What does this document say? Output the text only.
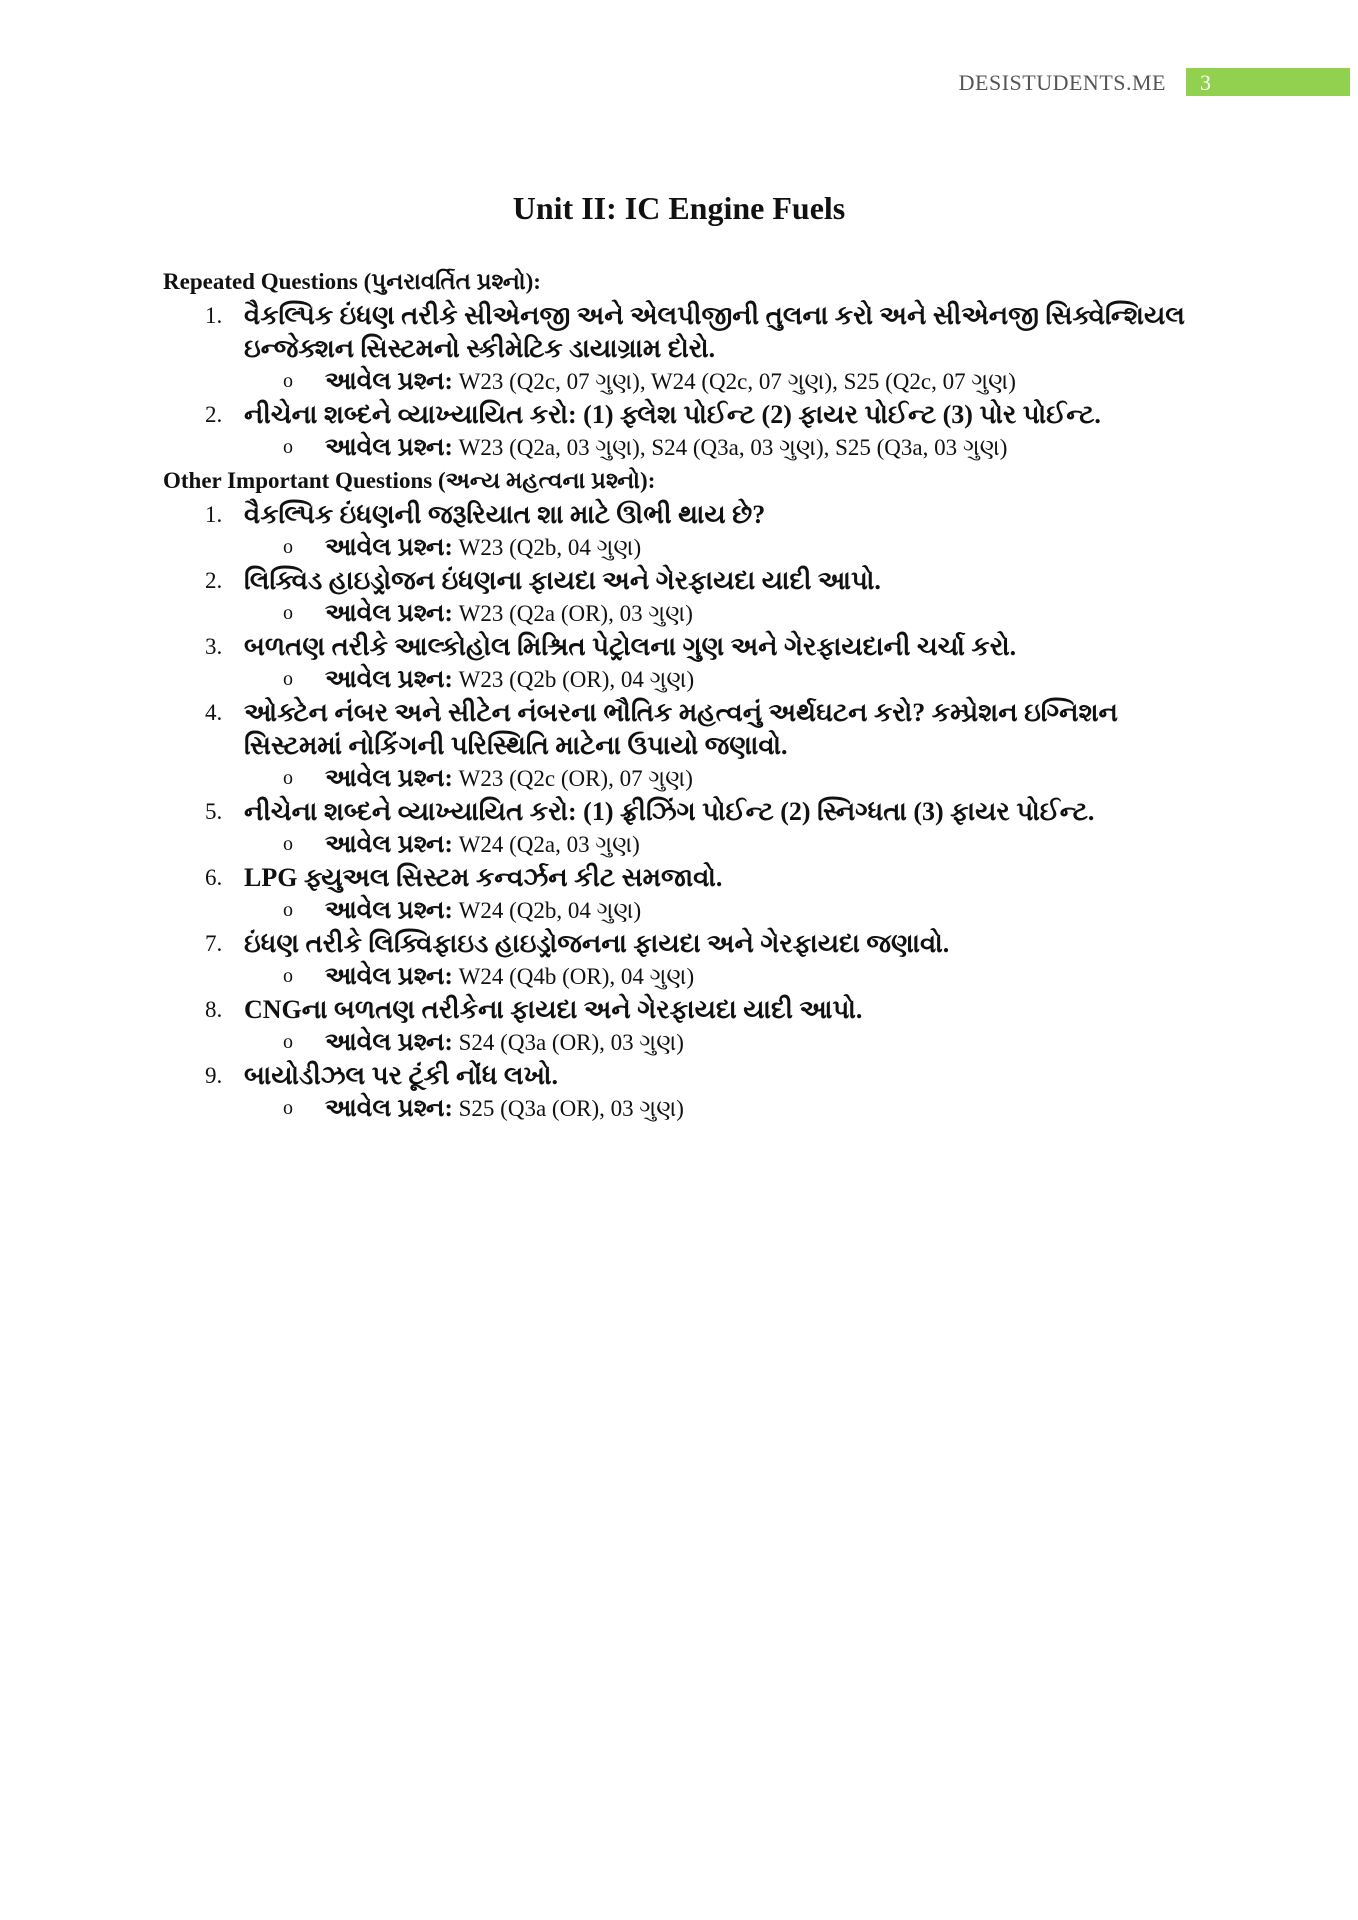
DESISTUDENTS.ME 3
Unit II: IC Engine Fuels
Repeated Questions (પુનરાવર્તિત પ્રશ્નો):
1. વૈકલ્પિક ઇંધણ તરીકે સીએનજી અને એલપીજીની તુલના કરો અને સીએનજી સિક્વેન્શિયલ
ઇન્જેક્શન સિસ્ટમનો સ્કીમેટિક ડાયાગ્રામ દોરો.
o આવેલ પ્રશ્ન: W23 (Q2c, 07 ગુણ), W24 (Q2c, 07 ગુણ), S25 (Q2c, 07 ગુણ)
2. નીચેના શબ્દને વ્યાખ્યાયિત કરો: (1) ફ્લેશ પોઈન્ટ (2) ફાયર પોઈન્ટ (3) પોર પોઈન્ટ.
o આવેલ પ્રશ્ન: W23 (Q2a, 03 ગુણ), S24 (Q3a, 03 ગુણ), S25 (Q3a, 03 ગુણ)
Other Important Questions (અન્ય મહત્વના પ્રશ્નો):
1. વૈકલ્પિક ઇંધણની જરૂરિયાત શા માટે ઊભી થાય છે?
o આવેલ પ્રશ્ન: W23 (Q2b, 04 ગુણ)
2. લિક્વિડ હાઇડ્રોજન ઇંધણના ફાયદા અને ગેરફાયદા યાદી આપો.
o આવેલ પ્રશ્ન: W23 (Q2a (OR), 03 ગુણ)
3. બળતણ તરીકે આલ્કોહોલ મિશ્રિત પેટ્રોલના ગુણ અને ગેરફાયદાની ચર્ચા કરો.
o આવેલ પ્રશ્ન: W23 (Q2b (OR), 04 ગુણ)
4. ઓક્ટેન નંબર અને સીટેન નંબરના ભૌતિક મહત્વનું અર્થઘટન કરો? કમ્પ્રેશન ઇગ્નિશન
સિસ્ટમમાં નોકિંગની પરિસ્થિતિ માટેના ઉપાયો જણાવો.
o આવેલ પ્રશ્ન: W23 (Q2c (OR), 07 ગુણ)
5. નીચેના શબ્દને વ્યાખ્યાયિત કરો: (1) ફ્રીઝિંગ પોઈન્ટ (2) સ્નિગ્ધતા (3) ફાયર પોઈન્ટ.
o આવેલ પ્રશ્ન: W24 (Q2a, 03 ગુણ)
6. LPG ફ્યુઅલ સિસ્ટમ કન્વર્ઝન કીટ સમજાવો.
o આવેલ પ્રશ્ન: W24 (Q2b, 04 ગુણ)
7. ઇંધણ તરીકે લિક્વિફાઇડ હાઇડ્રોજનના ફાયદા અને ગેરફાયદા જણાવો.
o આવેલ પ્રશ્ન: W24 (Q4b (OR), 04 ગુણ)
8. CNGના બળતણ તરીકેના ફાયદા અને ગેરફાયદા યાદી આપો.
o આવેલ પ્રશ્ન: S24 (Q3a (OR), 03 ગુણ)
9. બાયોડીઝલ પર ટૂંકી નોંધ લખો.
o આવેલ પ્રશ્ન: S25 (Q3a (OR), 03 ગુણ)
